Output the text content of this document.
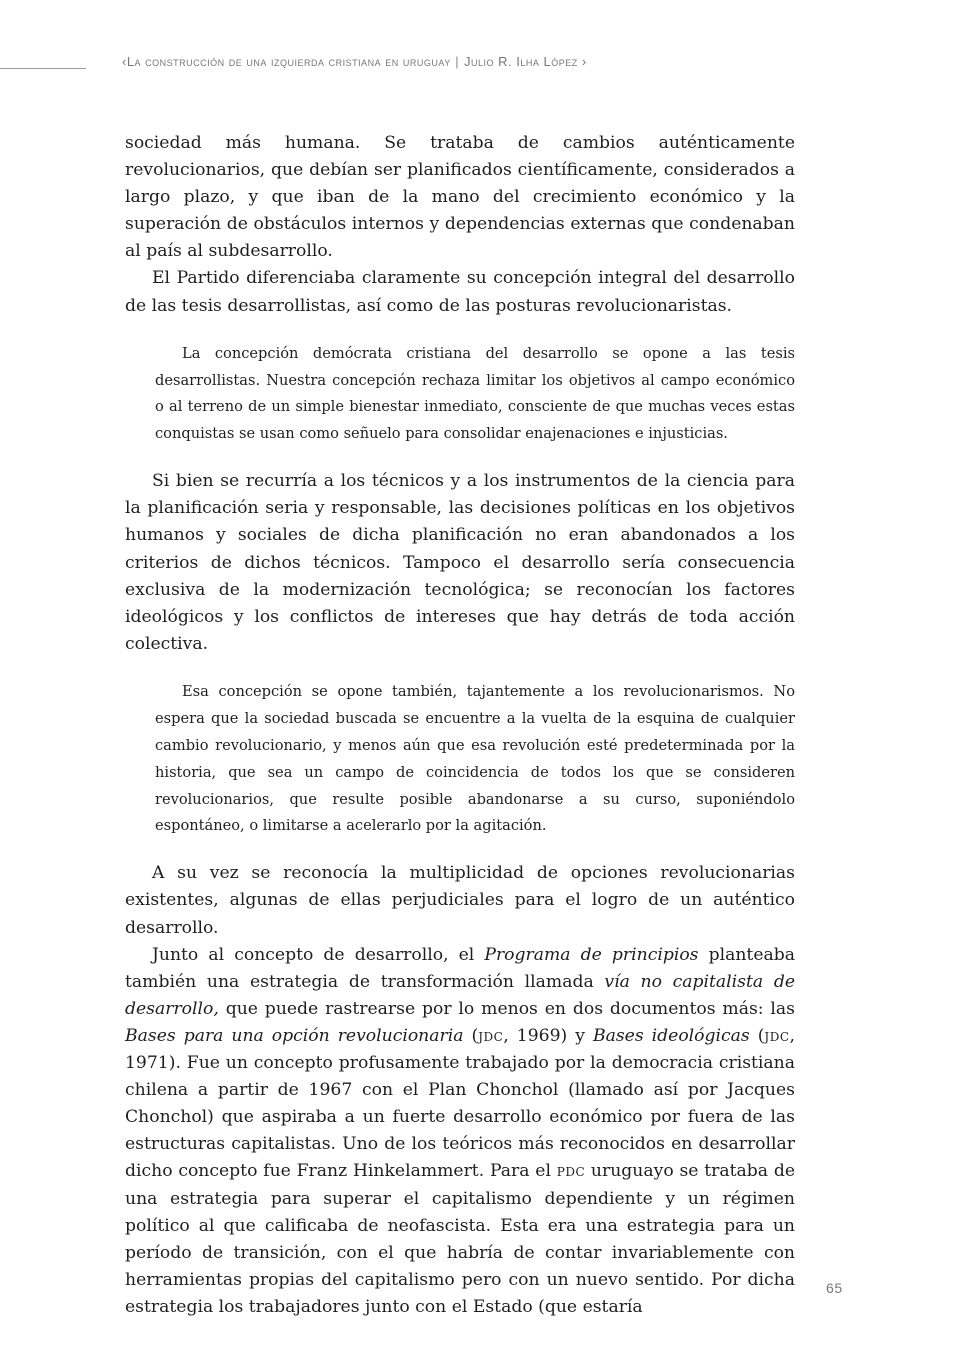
‹La construcción de una izquierda cristiana en uruguay | Julio R. Ilha López ›

sociedad más humana. Se trataba de cambios auténticamente revolucionarios, que debían ser planificados científicamente, considerados a largo plazo, y que iban de la mano del crecimiento económico y la superación de obstáculos internos y dependencias externas que condenaban al país al subdesarrollo.

El Partido diferenciaba claramente su concepción integral del desarrollo de las tesis desarrollistas, así como de las posturas revolucionaristas.

La concepción demócrata cristiana del desarrollo se opone a las tesis desarrollistas. Nuestra concepción rechaza limitar los objetivos al campo económico o al terreno de un simple bienestar inmediato, consciente de que muchas veces estas conquistas se usan como señuelo para consolidar enajenaciones e injusticias.

Si bien se recurría a los técnicos y a los instrumentos de la ciencia para la planificación seria y responsable, las decisiones políticas en los objetivos humanos y sociales de dicha planificación no eran abandonados a los criterios de dichos técnicos. Tampoco el desarrollo sería consecuencia exclusiva de la modernización tecnológica; se reconocían los factores ideológicos y los conflictos de intereses que hay detrás de toda acción colectiva.

Esa concepción se opone también, tajantemente a los revolucionarismos. No espera que la sociedad buscada se encuentre a la vuelta de la esquina de cualquier cambio revolucionario, y menos aún que esa revolución esté predeterminada por la historia, que sea un campo de coincidencia de todos los que se consideren revolucionarios, que resulte posible abandonarse a su curso, suponiéndolo espontáneo, o limitarse a acelerarlo por la agitación.

A su vez se reconocía la multiplicidad de opciones revolucionarias existentes, algunas de ellas perjudiciales para el logro de un auténtico desarrollo.

Junto al concepto de desarrollo, el Programa de principios planteaba también una estrategia de transformación llamada vía no capitalista de desarrollo, que puede rastrearse por lo menos en dos documentos más: las Bases para una opción revolucionaria (jdc, 1969) y Bases ideológicas (jdc, 1971). Fue un concepto profusamente trabajado por la democracia cristiana chilena a partir de 1967 con el Plan Chonchol (llamado así por Jacques Chonchol) que aspiraba a un fuerte desarrollo económico por fuera de las estructuras capitalistas. Uno de los teóricos más reconocidos en desarrollar dicho concepto fue Franz Hinkelammert. Para el pdc uruguayo se trataba de una estrategia para superar el capitalismo dependiente y un régimen político al que calificaba de neofascista. Esta era una estrategia para un período de transición, con el que habría de contar invariablemente con herramientas propias del capitalismo pero con un nuevo sentido. Por dicha estrategia los trabajadores junto con el Estado (que estaría

65
